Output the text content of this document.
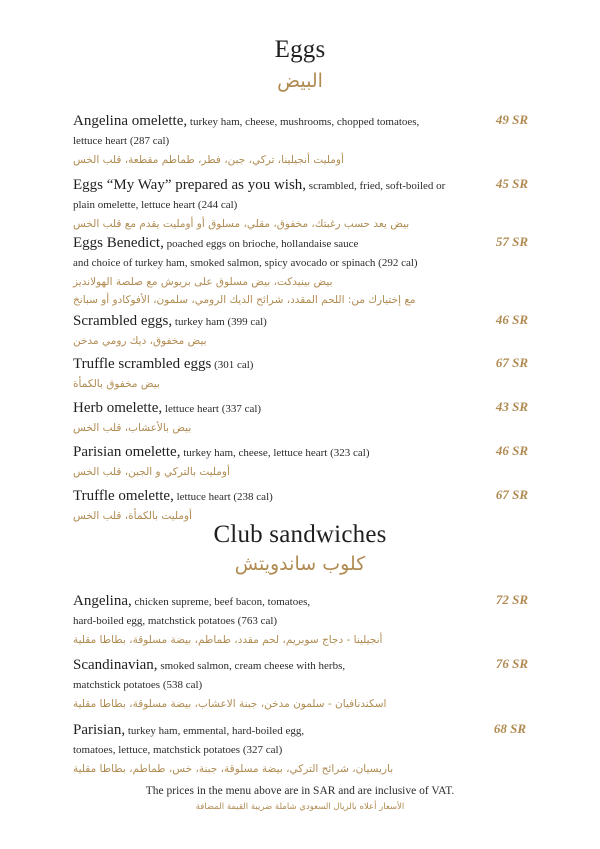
Eggs
البيض
Angelina omelette, turkey ham, cheese, mushrooms, chopped tomatoes,
lettuce heart (287 cal)
أومليت أنجيلينا، تركي، جبن، فطر، طماطم مقطعة، قلب الخس
49 SR
Eggs “My Way” prepared as you wish, scrambled, fried, soft-boiled or
plain omelette, lettuce heart (244 cal)
بيض يعد حسب رغبتك، مخفوق، مقلي، مسلوق أو أومليت يقدم مع قلب الخس
45 SR
Eggs Benedict, poached eggs on brioche, hollandaise sauce
and choice of turkey ham, smoked salmon, spicy avocado or spinach (292 cal)
بيض بينيدكت، بيض مسلوق على بريوش مع صلصة الهولانديز
مع إختيارك من: اللحم المقدد، شرائح الديك الرومي، سلمون، الأفوكادو أو سبانخ
57 SR
Scrambled eggs, turkey ham (399 cal)
بيض مخفوق، ديك رومي مدخن
46 SR
Truffle scrambled eggs (301 cal)
بيض مخفوق بالكمأة
67 SR
Herb omelette, lettuce heart (337 cal)
بيض بالأعشاب، قلب الخس
43 SR
Parisian omelette, turkey ham, cheese, lettuce heart (323 cal)
أومليت بالتركي و الجبن، قلب الخس
46 SR
Truffle omelette, lettuce heart (238 cal)
أومليت بالكمأة، قلب الخس
67 SR
Club sandwiches
كلوب ساندويتش
Angelina, chicken supreme, beef bacon, tomatoes,
hard-boiled egg, matchstick potatoes (763 cal)
أنجيلينا - دجاج سوبريم، لحم مقدد، طماطم، بيضة مسلوقة، بطاطا مقلية
72 SR
Scandinavian, smoked salmon, cream cheese with herbs,
matchstick potatoes (538 cal)
اسكندنافيان - سلمون مدخن، جبنة الاعشاب، بيضة مسلوقة، بطاطا مقلية
76 SR
Parisian, turkey ham, emmental, hard-boiled egg,
tomatoes, lettuce, matchstick potatoes (327 cal)
باريسيان، شرائح التركي، بيضة مسلوقة، جبنة، خس، طماطم، بطاطا مقلية
68 SR
The prices in the menu above are in SAR and are inclusive of VAT.
الأسعار أعلاه بالريال السعودي شاملة ضريبة القيمة المضافة
